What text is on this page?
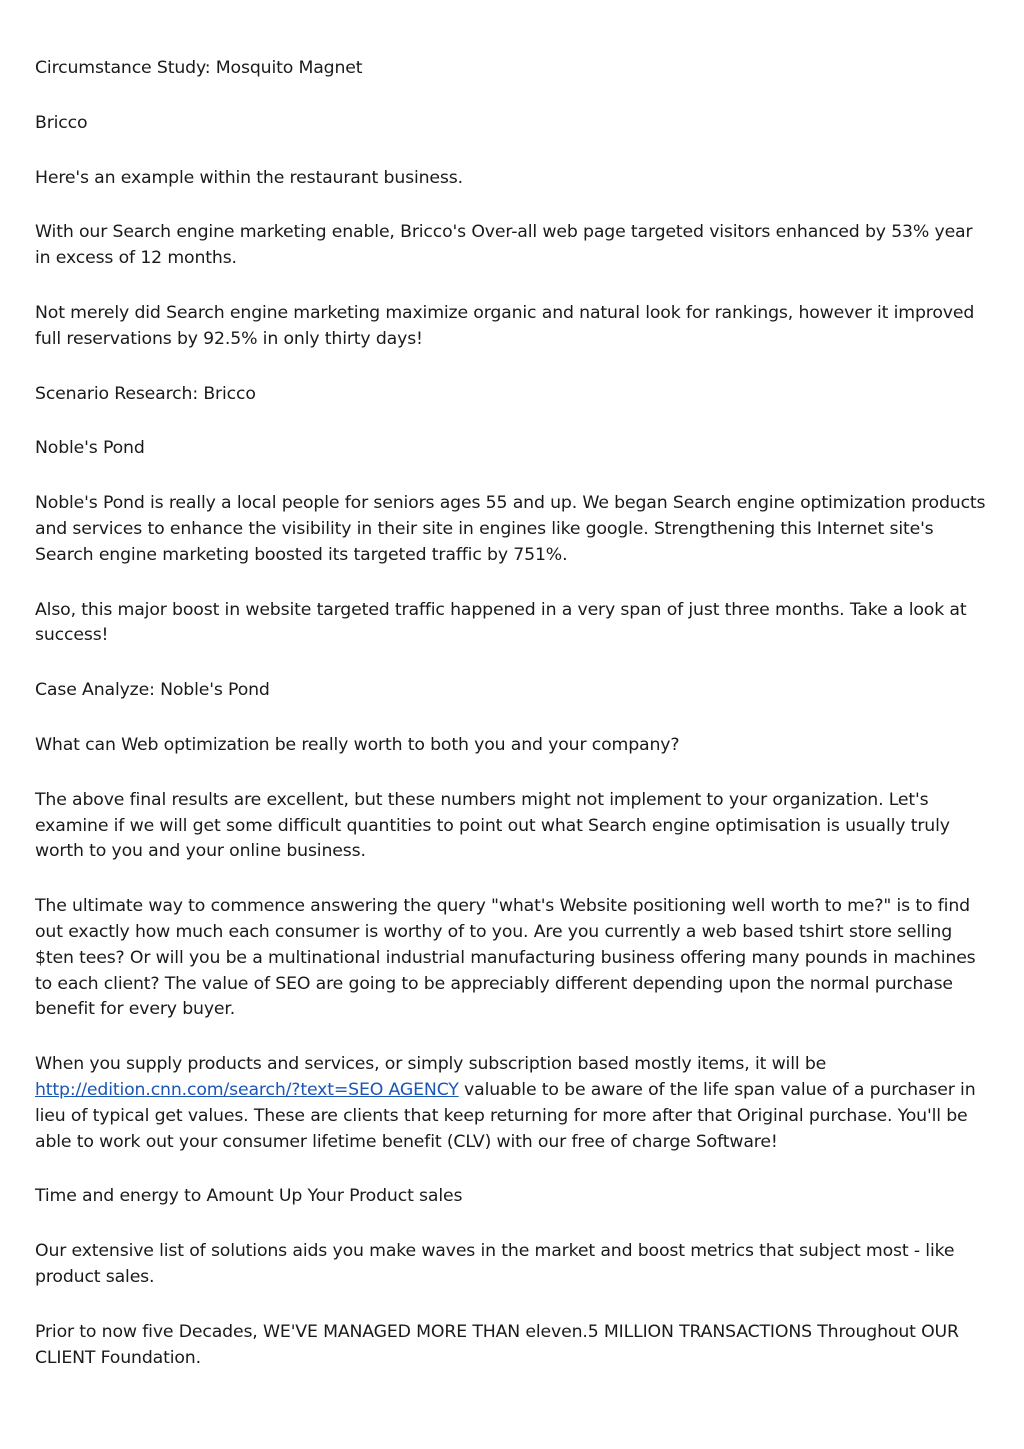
Circumstance Study: Mosquito Magnet

Bricco

Here's an example within the restaurant business.

With our Search engine marketing enable, Bricco's Over-all web page targeted visitors enhanced by 53% year in excess of 12 months.

Not merely did Search engine marketing maximize organic and natural look for rankings, however it improved full reservations by 92.5% in only thirty days!

Scenario Research: Bricco

Noble's Pond

Noble's Pond is really a local people for seniors ages 55 and up. We began Search engine optimization products and services to enhance the visibility in their site in engines like google. Strengthening this Internet site's Search engine marketing boosted its targeted traffic by 751%.

Also, this major boost in website targeted traffic happened in a very span of just three months. Take a look at success!

Case Analyze: Noble's Pond

What can Web optimization be really worth to both you and your company?

The above final results are excellent, but these numbers might not implement to your organization. Let's examine if we will get some difficult quantities to point out what Search engine optimisation is usually truly worth to you and your online business.

The ultimate way to commence answering the query "what's Website positioning well worth to me?" is to find out exactly how much each consumer is worthy of to you. Are you currently a web based tshirt store selling $ten tees? Or will you be a multinational industrial manufacturing business offering many pounds in machines to each client? The value of SEO are going to be appreciably different depending upon the normal purchase benefit for every buyer.

When you supply products and services, or simply subscription based mostly items, it will be http://edition.cnn.com/search/?text=SEO AGENCY valuable to be aware of the life span value of a purchaser in lieu of typical get values. These are clients that keep returning for more after that Original purchase. You'll be able to work out your consumer lifetime benefit (CLV) with our free of charge Software!

Time and energy to Amount Up Your Product sales

Our extensive list of solutions aids you make waves in the market and boost metrics that subject most - like product sales.

Prior to now five Decades, WE'VE MANAGED MORE THAN eleven.5 MILLION TRANSACTIONS Throughout OUR CLIENT Foundation.
